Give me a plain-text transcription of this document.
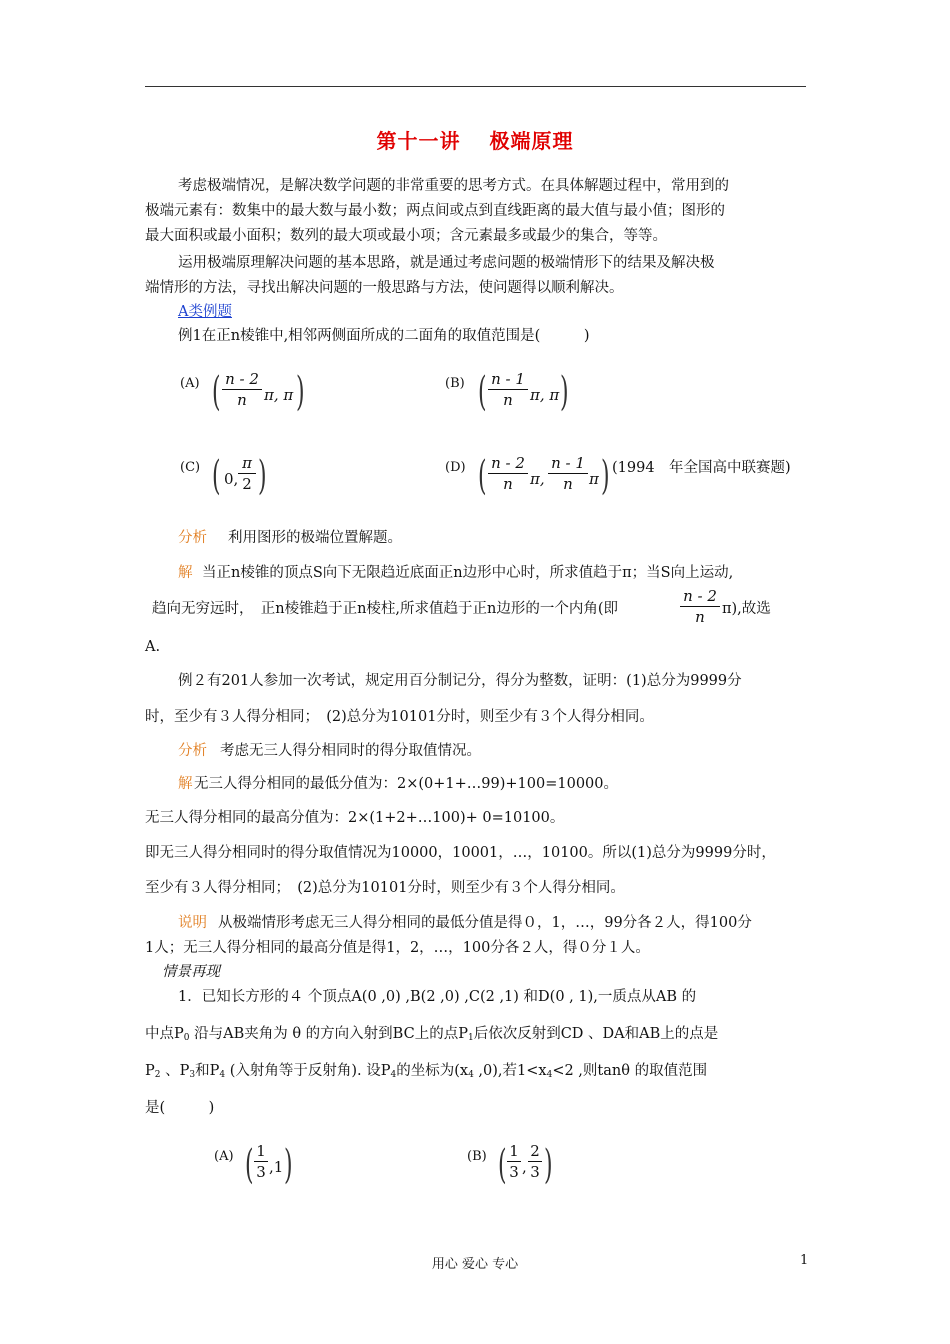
第十一讲　 极端原理
考虑极端情况，是解决数学问题的非常重要的思考方式。在具体解题过程中，常用到的
极端元素有：数集中的最大数与最小数；两点间或点到直线距离的最大值与最小值；图形的
最大面积或最小面积；数列的最大项或最小项；含元素最多或最少的集合，等等。
运用极端原理解决问题的基本思路，就是通过考虑问题的极端情形下的结果及解决极
端情形的方法，寻找出解决问题的一般思路与方法，使问题得以顺利解决。
A类例题
例1在正n棱锥中,相邻两侧面所成的二面角的取值范围是(　　　)
(A) ( n - 2
n	π, π )	(B) ( n - 1
n	π, π )
(C) ( 0,
π
2 )	(D) ( n - 2
n	π,
n - 1
n	π ) (1994　年全国高中联赛题)
分析 利用图形的极端位置解题。
解 当正n棱锥的顶点S向下无限趋近底面正n边形中心时，所求值趋于π；当S向上运动,
趋向无穷远时，　正n棱锥趋于正n棱柱,所求值趋于正n边形的一个内角(即
n - 2
n	π),故选
A.
例２有201人参加一次考试，规定用百分制记分，得分为整数，证明：(1)总分为9999分
时，至少有３人得分相同；　(2)总分为10101分时，则至少有３个人得分相同。
分析 考虑无三人得分相同时的得分取值情况。
解 无三人得分相同的最低分值为：2×(0+1+…99)+100=10000。
无三人得分相同的最高分值为：2×(1+2+…100)+ 0=10100。
即无三人得分相同时的得分取值情况为10000，10001，…，10100。所以(1)总分为9999分时，
至少有３人得分相同；　(2)总分为10101分时，则至少有３个人得分相同。
说明 从极端情形考虑无三人得分相同的最低分值是得０，1，…，99分各２人，得100分
1人；无三人得分相同的最高分值是得1，2，…，100分各２人，得０分１人。
情景再现
1．已知长方形的４ 个顶点A(0 ,0) ,B(2 ,0) ,C(2 ,1) 和D(0 , 1),一质点从AB 的
中点$P_0$ 沿与AB夹角为 θ 的方向入射到BC上的点$P_1$后依次反射到CD 、DA和AB上的点是
$P_2$ 、$P_3$和$P_4$ (入射角等于反射角). 设$P_4$的坐标为($x_4$ ,0),若$1<x_4<2$ ,则tanθ 的取值范围
是(　　　)
(A) ( 1
3 ,1 )	(B) ( 1
3 ,
2
3 )
用心 爱心 专心	1
